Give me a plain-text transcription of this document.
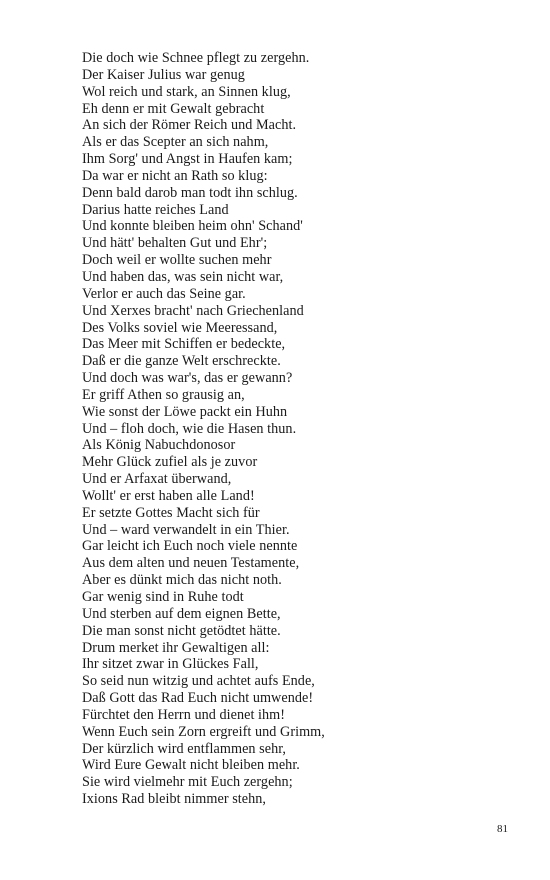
Die doch wie Schnee pflegt zu zergehn.
Der Kaiser Julius war genug
Wol reich und stark, an Sinnen klug,
Eh denn er mit Gewalt gebracht
An sich der Römer Reich und Macht.
Als er das Scepter an sich nahm,
Ihm Sorg' und Angst in Haufen kam;
Da war er nicht an Rath so klug:
Denn bald darob man todt ihn schlug.
Darius hatte reiches Land
Und konnte bleiben heim ohn' Schand'
Und hätt' behalten Gut und Ehr';
Doch weil er wollte suchen mehr
Und haben das, was sein nicht war,
Verlor er auch das Seine gar.
Und Xerxes bracht' nach Griechenland
Des Volks soviel wie Meeressand,
Das Meer mit Schiffen er bedeckte,
Daß er die ganze Welt erschreckte.
Und doch was war's, das er gewann?
Er griff Athen so grausig an,
Wie sonst der Löwe packt ein Huhn
Und – floh doch, wie die Hasen thun.
Als König Nabuchdonosor
Mehr Glück zufiel als je zuvor
Und er Arfaxat überwand,
Wollt' er erst haben alle Land!
Er setzte Gottes Macht sich für
Und – ward verwandelt in ein Thier.
Gar leicht ich Euch noch viele nennte
Aus dem alten und neuen Testamente,
Aber es dünkt mich das nicht noth.
Gar wenig sind in Ruhe todt
Und sterben auf dem eignen Bette,
Die man sonst nicht getödtet hätte.
Drum merket ihr Gewaltigen all:
Ihr sitzet zwar in Glückes Fall,
So seid nun witzig und achtet aufs Ende,
Daß Gott das Rad Euch nicht umwende!
Fürchtet den Herrn und dienet ihm!
Wenn Euch sein Zorn ergreift und Grimm,
Der kürzlich wird entflammen sehr,
Wird Eure Gewalt nicht bleiben mehr.
Sie wird vielmehr mit Euch zergehn;
Ixions Rad bleibt nimmer stehn,
81
